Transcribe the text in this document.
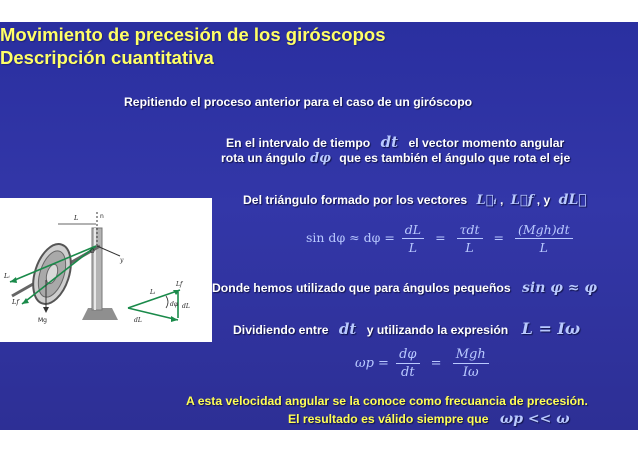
Movimiento de precesión de los giróscopos
Descripción cuantitativa
Repitiendo el proceso anterior para el caso de un giróscopo
En el intervalo de tiempo dt el vector momento angular
rota un ángulo dφ que es también el ángulo que rota el eje
Del triángulo formado por los vectores L⃗ᵢ , L⃗f , y dL⃗
$\sin d\varphi \approx d\varphi = \frac{dL}{L} = \frac{\text{τdt}}{L} = \frac{\text{(Mgh)dt}}{L}$
Donde hemos utilizado que para ángulos pequeños sin φ ≈ φ
Dividiendo entre dt y utilizando la expresión L = Iω
$\omega p = \frac{d\varphi}{dt} = \frac{\text{Mgh}}{I\omega}$
A esta velocidad angular se la conoce como frecuancia de precesión.
El resultado es válido siempre que ωp << ω
L	n
O
y
Lᵢ
Lf
Mg	dL
Lᵢ
dφ
Lf
dL
